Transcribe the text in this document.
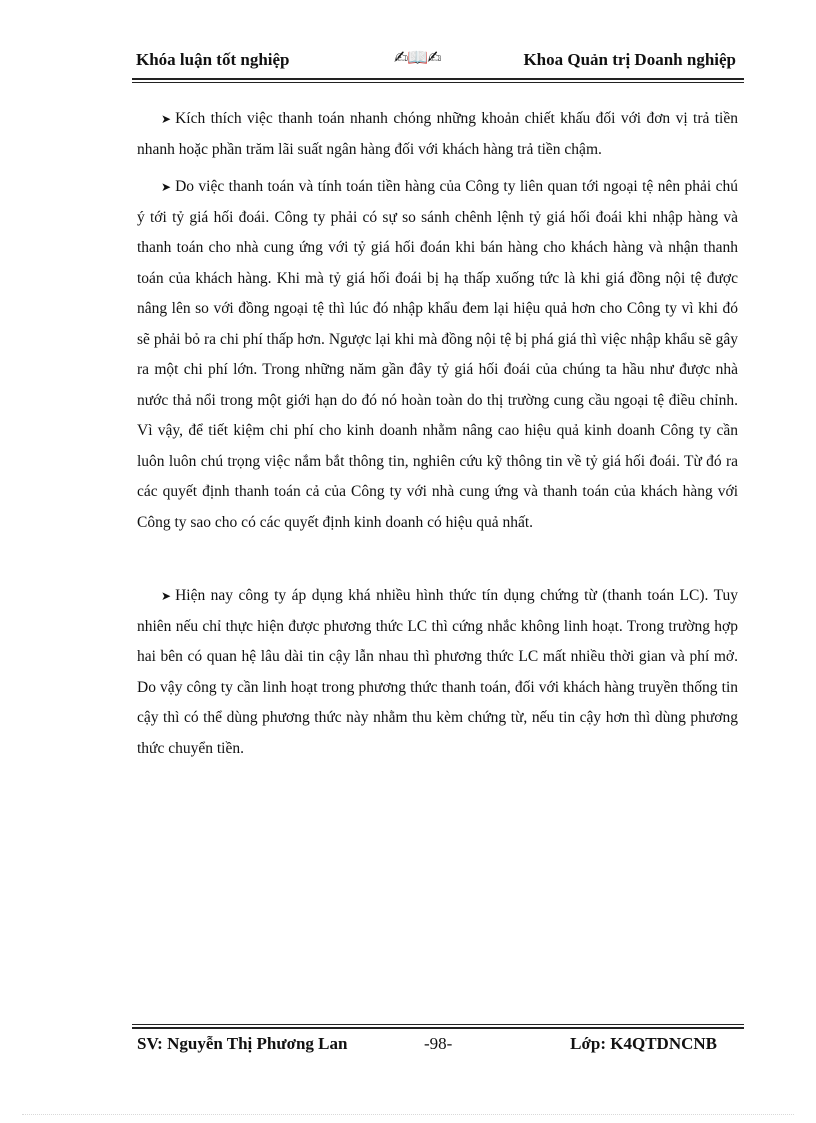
Khóa luận tốt nghiệp	✍📖✍	Khoa Quản trị Doanh nghiệp

➤ Kích thích việc thanh toán nhanh chóng những khoản chiết khấu đối với đơn vị trả tiền nhanh hoặc phần trăm lãi suất ngân hàng đối với khách hàng trả tiền chậm.

➤ Do việc thanh toán và tính toán tiền hàng của Công ty liên quan tới ngoại tệ nên phải chú ý tới tỷ giá hối đoái. Công ty phải có sự so sánh chênh lệnh tỷ giá hối đoái khi nhập hàng và thanh toán cho nhà cung ứng với tỷ giá hối đoán khi bán hàng cho khách hàng và nhận thanh toán của khách hàng. Khi mà tỷ giá hối đoái bị hạ thấp xuống tức là khi giá đồng nội tệ được nâng lên so với đồng ngoại tệ thì lúc đó nhập khẩu đem lại hiệu quả hơn cho Công ty vì khi đó sẽ phải bỏ ra chi phí thấp hơn. Ngược lại khi mà đồng nội tệ bị phá giá thì việc nhập khẩu sẽ gây ra một chi phí lớn. Trong những năm gần đây tỷ giá hối đoái của chúng ta hầu như được nhà nước thả nổi trong một giới hạn do đó nó hoàn toàn do thị trường cung cầu ngoại tệ điều chỉnh. Vì vậy, để tiết kiệm chi phí cho kinh doanh nhằm nâng cao hiệu quả kinh doanh Công ty cần luôn luôn chú trọng việc nắm bắt thông tin, nghiên cứu kỹ thông tin về tỷ giá hối đoái. Từ đó ra các quyết định thanh toán cả của Công ty với nhà cung ứng và thanh toán của khách hàng với Công ty sao cho có các quyết định kinh doanh có hiệu quả nhất.

➤ Hiện nay công ty áp dụng khá nhiều hình thức tín dụng chứng từ (thanh toán LC). Tuy nhiên nếu chỉ thực hiện được phương thức LC thì cứng nhắc không linh hoạt. Trong trường hợp hai bên có quan hệ lâu dài tin cậy lẫn nhau thì phương thức LC mất nhiều thời gian và phí mở. Do vậy công ty cần linh hoạt trong phương thức thanh toán, đối với khách hàng truyền thống tin cậy thì có thể dùng phương thức này nhằm thu kèm chứng từ, nếu tin cậy hơn thì dùng phương thức chuyển tiền.

SV: Nguyễn Thị Phương Lan	-98-	Lớp: K4QTDNCNB
